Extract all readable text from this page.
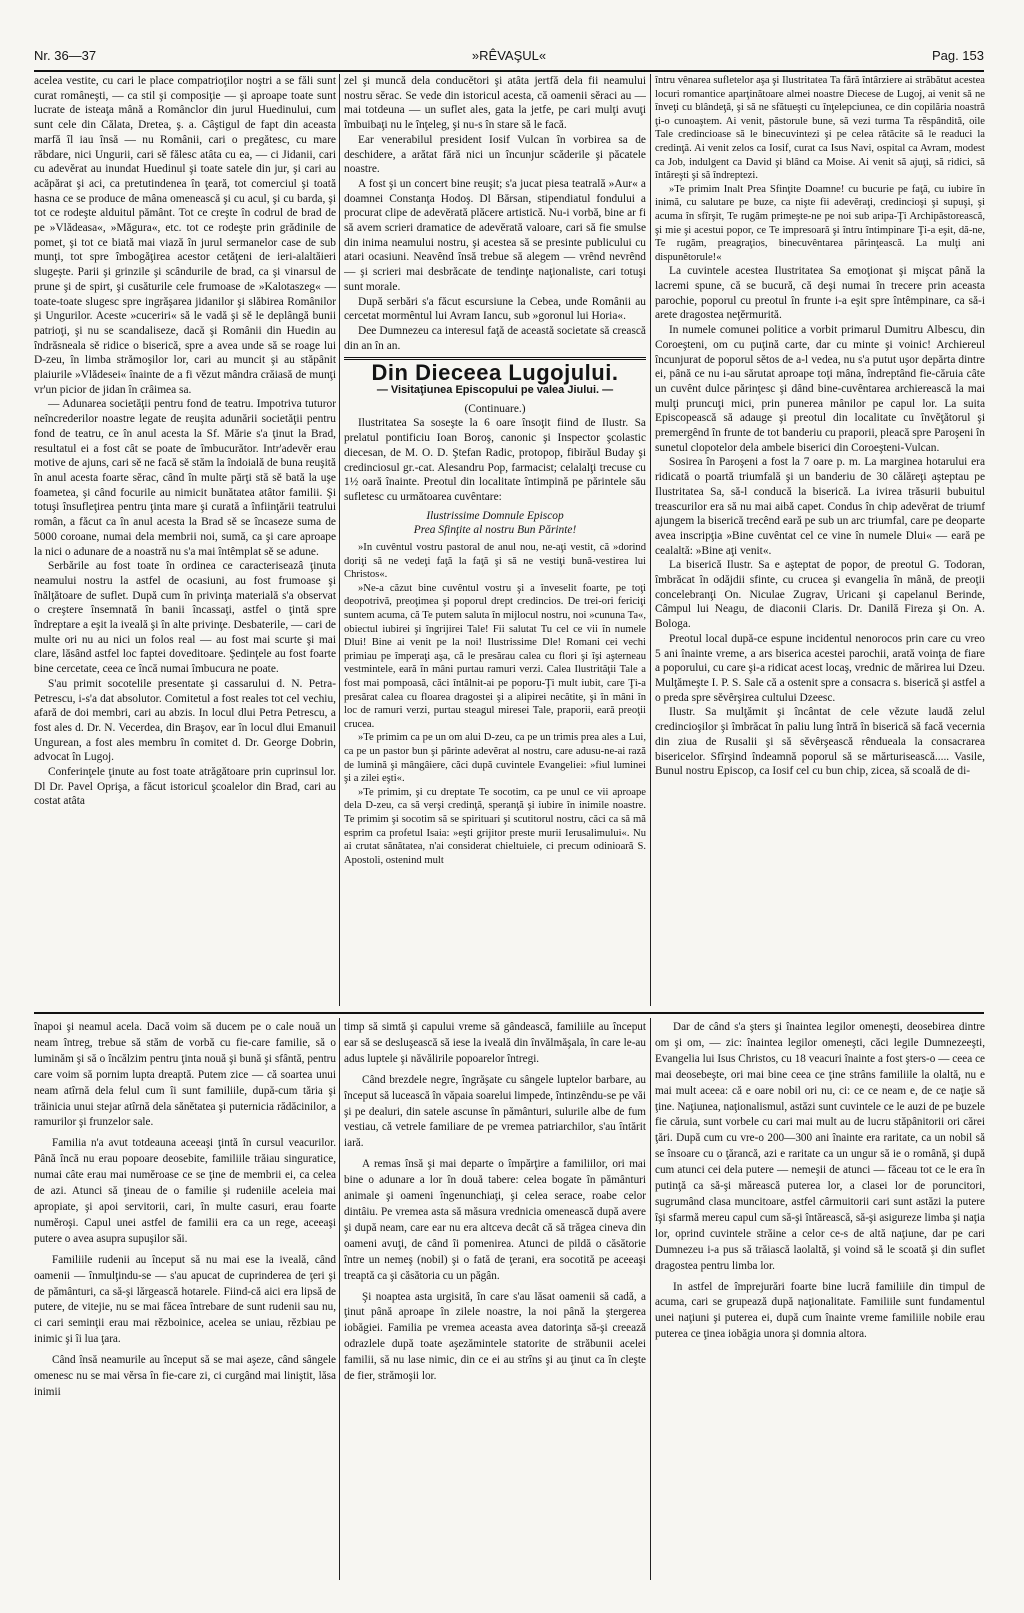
Nr. 36—37	»RÊVAŞUL«	Pag. 153

acelea vestite, cu cari le place compatrioţilor noştri a se făli sunt curat româneşti, — ca stil şi composiţie — şi aproape toate sunt lucrate de isteaţa mână a Românclor din jurul Huedinului, cum sunt cele din Călata, Dretea, ş. a. Câştigul de fapt din aceasta marfă îl iau însă — nu Românii, cari o pregătesc, cu mare răbdare, nici Ungurii, cari sě fălesc atâta cu ea, — ci Jidanii, cari cu adevĕrat au inundat Huedinul şi toate satele din jur, şi cari au acăpărat şi aci, ca pretutindenea în ţeară, tot comerciul şi toată hasna ce se produce de mâna omenească şi cu acul, şi cu barda, şi tot ce rodeşte alduitul pământ. Tot ce creşte în codrul de brad de pe »Vlădeasa«, »Măgura«, etc. tot ce rodeşte prin grădinile de pomet, şi tot ce biată mai viază în jurul sermanelor case de sub munţi, tot spre îmbogăţirea acestor cetăţeni de ieri-alaltăieri slugeşte. Parii şi grinzile şi scândurile de brad, ca şi vinarsul de prune şi de spirt, şi cusăturile cele frumoase de »Kalotaszeg« — toate-toate slugesc spre ingrăşarea jidanilor şi slăbirea Românilor şi Ungurilor. Aceste »cuceriri« să le vadă şi sě le deplângă bunii patrioţi, şi nu se scandaliseze, dacă şi Românii din Huedin au îndrăsneala sě ridice o biserică, spre a avea unde să se roage lui D-zeu, în limba strămoşilor lor, cari au muncit şi au stăpânit plaiurile »Vlădesei« înainte de a fi vĕzut mândra crăiasă de munţi vr'un picior de jidan în crâimea sa.

— Adunarea societăţii pentru fond de teatru. Impotriva tuturor neîncrederilor noastre legate de reuşita adunării societăţii pentru fond de teatru, ce în anul acesta la Sf. Mărie s'a ţinut la Brad, resultatul ei a fost cât se poate de îmbucurător. Intr'adevĕr erau motive de ajuns, cari sě ne facă sě stăm la îndoială de buna reuşită în anul acesta foarte sĕrac, când în multe părţi stă sě bată la uşe foametea, şi când focurile au nimicit bunătatea atâtor familii. Şi totuşi însufleţirea pentru ţinta mare şi curată a înfiinţării teatrului român, a făcut ca în anul acesta la Brad sě se încaseze suma de 5000 coroane, numai dela membrii noi, sumă, ca şi care aproape la nici o adunare de a noastră nu s'a mai întêmplat sě se adune.

Serbările au fost toate în ordinea ce caracteriseazâ ţinuta neamului nostru la astfel de ocasiuni, au fost frumoase şi înălţătoare de suflet. După cum în privinţa materială s'a observat o creştere însemnată în banii încassaţi, astfel o ţintă spre îndreptare a eşit la iveală şi în alte privinţe. Desbaterile, — cari de multe ori nu au nici un folos real — au fost mai scurte şi mai clare, lăsând astfel loc faptei doveditoare. Şedinţele au fost foarte bine cercetate, ceea ce încă numai îmbucura ne poate.

S'au primit socotelile presentate şi cassarului d. N. Petra-Petrescu, i-s'a dat absolutor. Comitetul a fost reales tot cel vechiu, afară de doi membri, cari au abzis. In locul dlui Petra Petrescu, a fost ales d. Dr. N. Vecerdea, din Braşov, ear în locul dlui Emanuil Ungurean, a fost ales membru în comitet d. Dr. George Dobrin, advocat în Lugoj.

Conferinţele ţinute au fost toate atrăgătoare prin cuprinsul lor. Dl Dr. Pavel Oprişa, a făcut istoricul şcoalelor din Brad, cari au costat atâta

zel şi muncă dela conducĕtori şi atâta jertfă dela fii neamului nostru sĕrac. Se vede din istoricul acesta, că oamenii sĕraci au — mai totdeuna — un suflet ales, gata la jetfe, pe cari mulţi avuţi îmbuibaţi nu le înţeleg, şi nu-s în stare să le facă.

Ear venerabilul president Iosif Vulcan în vorbirea sa de deschidere, a arătat fără nici un încunjur scăderile şi păcatele noastre.

A fost şi un concert bine reuşit; s'a jucat piesa teatrală »Aur« a doamnei Constanţa Hodoş. Dl Bărsan, stipendiatul fondului a procurat clipe de adevĕrată plăcere artistică. Nu-i vorbă, bine ar fi să avem scrieri dramatice de adevĕrată valoare, cari să fie smulse din inima neamului nostru, şi acestea să se presinte publicului cu atari ocasiuni. Neavênd însă trebue să alegem — vrênd nevrênd — şi scrieri mai desbrăcate de tendinţe naţionaliste, cari totuşi sunt morale.

După serbări s'a făcut escursiune la Cebea, unde Românii au cercetat mormêntul lui Avram Iancu, sub »goronul lui Horia«.

Dee Dumnezeu ca interesul faţă de această societate să crească din an în an.

Din Dieceea Lugojului.
— Visitaţiunea Episcopului pe valea Jiului. —

(Continuare.)

Ilustritatea Sa soseşte la 6 oare însoţit fiind de Ilustr. Sa prelatul pontificiu Ioan Boroş, canonic şi Inspector şcolastic diecesan, de M. O. D. Ştefan Radic, protopop, fibirăul Buday şi credinciosul gr.-cat. Alesandru Pop, farmacist; celalalţi trecuse cu 1½ oară înainte. Preotul din localitate întimpină pe părintele său sufletesc cu următoarea cuvêntare:

Ilustrissime Domnule Episcop

Prea Sfinţite al nostru Bun Părinte!

»In cuvêntul vostru pastoral de anul nou, ne-aţi vestit, că »dorind doriţi să ne vedeţi faţă la faţă şi să ne vestiţi bună-vestirea lui Christos«.

»Ne-a căzut bine cuvêntul vostru şi a înveselit foarte, pe toţi deopotrivă, preoţimea şi poporul drept credincios. De trei-ori fericiţi suntem acuma, că Te putem saluta în mijlocul nostru, noi »cununa Ta«, obiectul iubirei şi îngrijirei Tale! Fii salutat Tu cel ce vii în numele Dlui! Bine ai venit pe la noi! Ilustrissime Dle! Romani cei vechi primiau pe împeraţi aşa, că le presărau calea cu flori şi îşi aşterneau vestmintele, eară în mâni purtau ramuri verzi. Calea Ilustrităţii Tale a fost mai pompoasă, căci întâlnit-ai pe poporu-Ţi mult iubit, care Ţi-a presărat calea cu floarea dragostei şi a alipirei necătite, şi în mâni în loc de ramuri verzi, purtau steagul miresei Tale, praporii, eară preoţii crucea.

»Te primim ca pe un om alui D-zeu, ca pe un trimis prea ales a Lui, ca pe un pastor bun şi părinte adevĕrat al nostru, care adusu-ne-ai rază de lumină şi mângâiere, căci după cuvintele Evangeliei: »fiul luminei şi a zilei eşti«.

»Te primim, şi cu dreptate Te socotim, ca pe unul ce vii aproape dela D-zeu, ca să verşi credinţă, speranţă şi iubire în inimile noastre. Te primim şi socotim să se spirituari şi scutitorul nostru, căci ca să mă esprim ca profetul Isaia: »eşti grijitor preste murii Ierusalimului«. Nu ai crutat sănătatea, n'ai considerat chieltuiele, ci precum odinioară S. Apostoli, ostenind mult

întru vênarea sufletelor aşa şi Ilustritatea Ta fără întârziere ai străbătut acestea locuri romantice aparţinătoare almei noastre Diecese de Lugoj, ai venit să ne înveţi cu blândeţă, şi să ne sfătueşti cu înţelepciunea, ce din copilăria noastră ţi-o cunoaştem. Ai venit, păstorule bune, să vezi turma Ta rĕspândită, oile Tale credincioase să le binecuvintezi şi pe celea rătăcite să le readuci la credinţă. Ai venit zelos ca Iosif, curat ca Isus Navi, ospital ca Avram, modest ca Job, indulgent ca David şi blând ca Moise. Ai venit să ajuţi, să ridici, să întăreşti şi să îndreptezi.

»Te primim Inalt Prea Sfinţite Doamne! cu bucurie pe faţă, cu iubire în inimă, cu salutare pe buze, ca nişte fii adevĕraţi, credincioşi şi supuşi, şi acuma în sfîrşit, Te rugăm primeşte-ne pe noi sub aripa-Ţi Archipăstorească, şi mie şi acestui popor, ce Te impresoară şi întru întimpinare Ţi-a eşit, dă-ne, Te rugăm, preagraţios, binecuvêntarea părinţească. La mulţi ani dispunĕtorule!«

La cuvintele acestea Ilustritatea Sa emoţionat şi mişcat până la lacremi spune, că se bucură, că deşi numai în trecere prin aceasta parochie, poporul cu preotul în frunte i-a eşit spre întêmpinare, ca să-i arete dragostea neţĕrmurită.

In numele comunei politice a vorbit primarul Dumitru Albescu, din Coroeşteni, om cu puţină carte, dar cu minte şi voinic! Archiereul încunjurat de poporul sĕtos de a-l vedea, nu s'a putut uşor depărta dintre ei, până ce nu i-au sărutat aproape toţi mâna, îndreptând fie-căruia câte un cuvênt dulce părinţesc şi dând bine-cuvêntarea archierească la mai mulţi pruncuţi mici, prin punerea mânilor pe capul lor. La suita Episcopească să adauge şi preotul din localitate cu învĕţătorul şi premergênd în frunte de tot banderiu cu praporii, pleacă spre Paroşeni în sunetul clopotelor dela ambele biserici din Coroeşteni-Vulcan.

Sosirea în Paroşeni a fost la 7 oare p. m. La marginea hotarului era ridicată o poartă triumfală şi un banderiu de 30 călăreţi aşteptau pe Ilustritatea Sa, să-l conducă la biserică. La ivirea trăsurii bubuitul treascurilor era să nu mai aibă capet. Condus în chip adevĕrat de triumf ajungem la biserică trecênd eară pe sub un arc triumfal, care pe deoparte avea inscripţia »Bine cuvêntat cel ce vine în numele Dlui« — eară pe cealaltă: »Bine aţi venit«.

La biserică Ilustr. Sa e aşteptat de popor, de preotul G. Todoran, îmbrăcat în odăjdii sfinte, cu crucea şi evangelia în mână, de preoţii concelebranţi On. Niculae Zugrav, Uricani şi capelanul Berinde, Câmpul lui Neagu, de diaconii Claris. Dr. Danilă Fireza şi On. A. Bologa.

Preotul local după-ce espune incidentul nenorocos prin care cu vreo 5 ani înainte vreme, a ars biserica acestei parochii, arată voinţa de fiare a poporului, cu care şi-a ridicat acest locaş, vrednic de mărirea lui Dzeu. Mulţămeşte I. P. S. Sale că a ostenit spre a consacra s. biserică şi astfel a o preda spre sĕvêrşirea cultului Dzeesc.

Ilustr. Sa mulţămit şi încântat de cele vĕzute laudă zelul credincioşilor şi îmbrăcat în paliu lung întră în biserică să facă vecernia din ziua de Rusalii şi să sĕvêrşească rêndueala la consacrarea bisericelor. Sfîrşind îndeamnă poporul să se mărturisească..... Vasile, Bunul nostru Episcop, ca Iosif cel cu bun chip, zicea, să scoală de di-

înapoi şi neamul acela. Dacă voim să ducem pe o cale nouă un neam întreg, trebue să stăm de vorbă cu fie-care familie, să o luminăm şi să o încălzim pentru ţinta nouă şi bună şi sfântă, pentru care voim să pornim lupta dreaptă. Putem zice — că soartea unui neam atîrnă dela felul cum îi sunt familiile, după-cum tăria şi trăinicia unui stejar atîrnă dela sănĕtatea şi puternicia rădăcinilor, a ramurilor şi frunzelor sale.

Familia n'a avut totdeauna aceeaşi ţintă în cursul veacurilor. Până încă nu erau popoare deosebite, familiile trăiau singuratice, numai câte erau mai numĕroase ce se ţine de membrii ei, ca celea de azi. Atunci să ţineau de o familie şi rudeniile aceleia mai apropiate, şi apoi servitorii, cari, în multe casuri, erau foarte numĕroşi. Capul unei astfel de familii era ca un rege, aceeaşi putere o avea asupra supuşilor săi.

Familiile rudenii au început să nu mai ese la iveală, când oamenii — înmulţindu-se — s'au apucat de cuprinderea de ţeri şi de pământuri, ca să-şi lărgească hotarele. Fiind-că aici era lipsă de putere, de vitejie, nu se mai făcea întrebare de sunt rudenii sau nu, ci cari seminţii erau mai rĕzboinice, acelea se uniau, rĕzbiau pe inimic şi îi lua ţara.

Când însă neamurile au început să se mai aşeze, când sângele omenesc nu se mai vĕrsa în fie-care zi, ci curgând mai liniştit, lăsa inimii

timp să simtă şi capului vreme să gândească, familiile au început ear să se desluşească să iese la iveală din învălmăşala, în care le-au adus luptele şi năvălirile popoarelor întregi.

Când brezdele negre, îngrăşate cu sângele luptelor barbare, au început să lucească în văpaia soarelui limpede, întinzêndu-se pe văi şi pe dealuri, din satele ascunse în pământuri, sulurile albe de fum vestiau, că vetrele familiare de pe vremea patriarchilor, s'au întărit iară.

A remas însă şi mai departe o împărţire a familiilor, ori mai bine o adunare a lor în două tabere: celea bogate în pământuri animale şi oameni îngenunchiaţi, şi celea serace, roabe celor dintâiu. Pe vremea asta să măsura vrednicia omenească după avere şi după neam, care ear nu era altceva decât că să trăgea cineva din oameni avuţi, de când îi pomenirea. Atunci de pildă o căsătorie între un nemeş (nobil) şi o fată de ţerani, era socotită pe aceeaşi treaptă ca şi căsătoria cu un păgân.

Şi noaptea asta urgisită, în care s'au lăsat oamenii să cadă, a ţinut până aproape în zilele noastre, la noi până la ştergerea iobăgiei. Familia pe vremea aceasta avea datorinţa să-şi creează odrazlele după toate aşezămintele statorite de străbunii acelei familii, să nu lase nimic, din ce ei au strîns şi au ţinut ca în cleşte de fier, strămoşii lor.

Dar de când s'a şters şi înaintea legilor omeneşti, deosebirea dintre om şi om, — zic: înaintea legilor omeneşti, căci legile Dumnezeeşti, Evangelia lui Isus Christos, cu 18 veacuri înainte a fost şters-o — ceea ce mai deosebeşte, ori mai bine ceea ce ţine strâns familiile la olaltă, nu e mai mult aceea: că e oare nobil ori nu, ci: ce ce neam e, de ce naţie să ţine. Naţiunea, naţionalismul, astăzi sunt cuvintele ce le auzi de pe buzele fie căruia, sunt vorbele cu cari mai mult au de lucru stăpânitorii ori cărei ţări. După cum cu vre-o 200—300 ani înainte era raritate, ca un nobil să se însoare cu o ţărancă, azi e raritate ca un ungur să ie o română, şi după cum atunci cei dela putere — nemeşii de atunci — făceau tot ce le era în putinţă ca să-şi mărească puterea lor, a clasei lor de poruncitori, sugrumând clasa muncitoare, astfel cârmuitorii cari sunt astăzi la putere îşi sfarmă mereu capul cum să-şi întărească, să-şi asigureze limba şi naţia lor, oprind cuvintele străine a celor ce-s de altă naţiune, dar pe cari Dumnezeu i-a pus să trăiască laolaltă, şi voind să le scoată şi din suflet dragostea pentru limba lor.

In astfel de împrejurări foarte bine lucră familiile din timpul de acuma, cari se grupează după naţionalitate. Familiile sunt fundamentul unei naţiuni şi puterea ei, după cum înainte vreme familiile nobile erau puterea ce ţinea iobăgia unora şi domnia altora.
